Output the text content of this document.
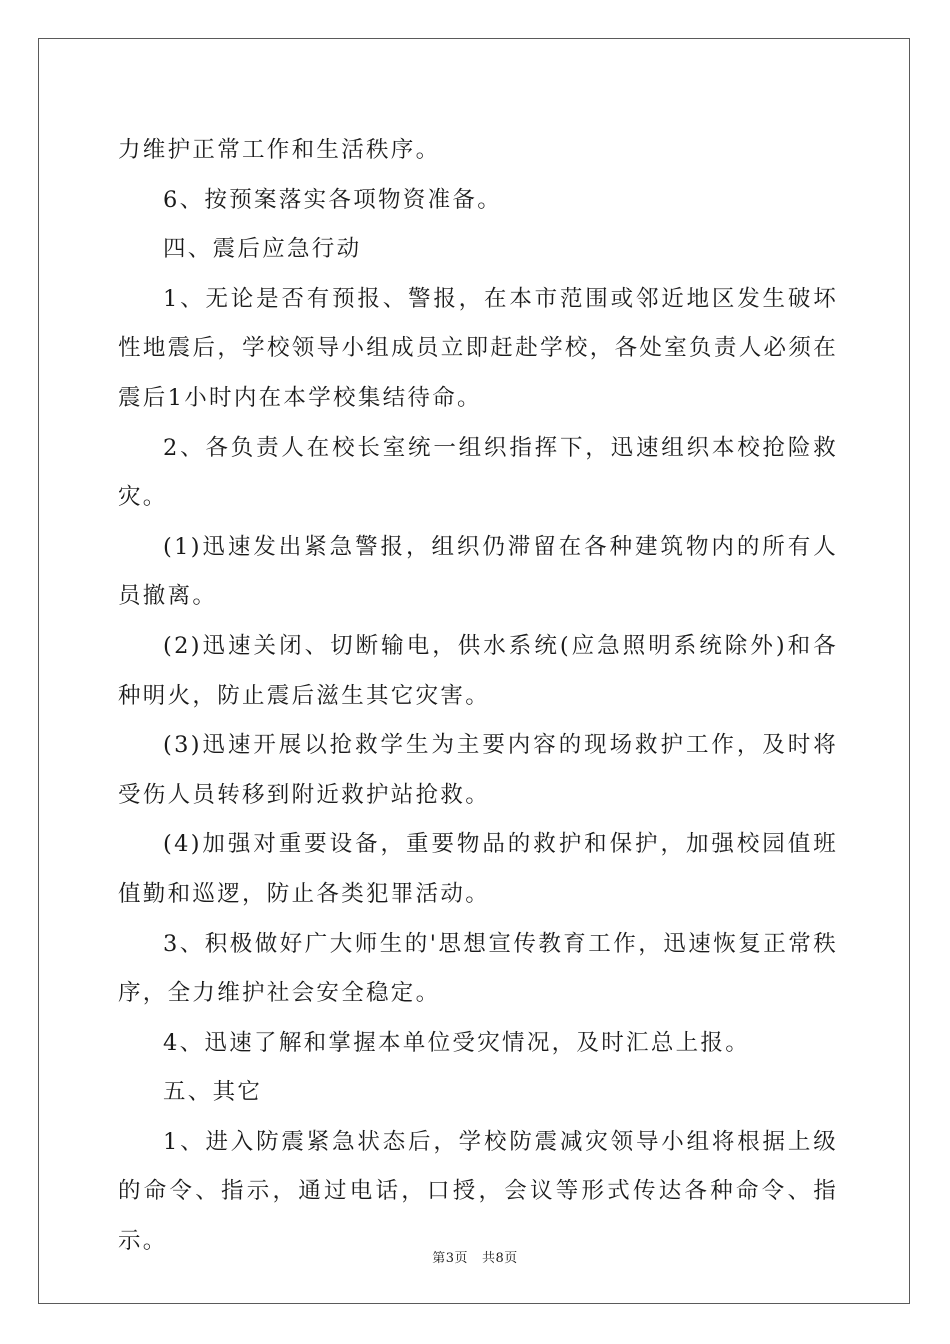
力维护正常工作和生活秩序。

6、按预案落实各项物资准备。

四、震后应急行动

1、无论是否有预报、警报，在本市范围或邻近地区发生破坏性地震后，学校领导小组成员立即赶赴学校，各处室负责人必须在震后1小时内在本学校集结待命。

2、各负责人在校长室统一组织指挥下，迅速组织本校抢险救灾。

(1)迅速发出紧急警报，组织仍滞留在各种建筑物内的所有人员撤离。

(2)迅速关闭、切断输电，供水系统(应急照明系统除外)和各种明火，防止震后滋生其它灾害。

(3)迅速开展以抢救学生为主要内容的现场救护工作，及时将受伤人员转移到附近救护站抢救。

(4)加强对重要设备，重要物品的救护和保护，加强校园值班值勤和巡逻，防止各类犯罪活动。

3、积极做好广大师生的'思想宣传教育工作，迅速恢复正常秩序，全力维护社会安全稳定。

4、迅速了解和掌握本单位受灾情况，及时汇总上报。

五、其它

1、进入防震紧急状态后，学校防震减灾领导小组将根据上级的命令、指示，通过电话，口授，会议等形式传达各种命令、指示。

第3页 共8页
